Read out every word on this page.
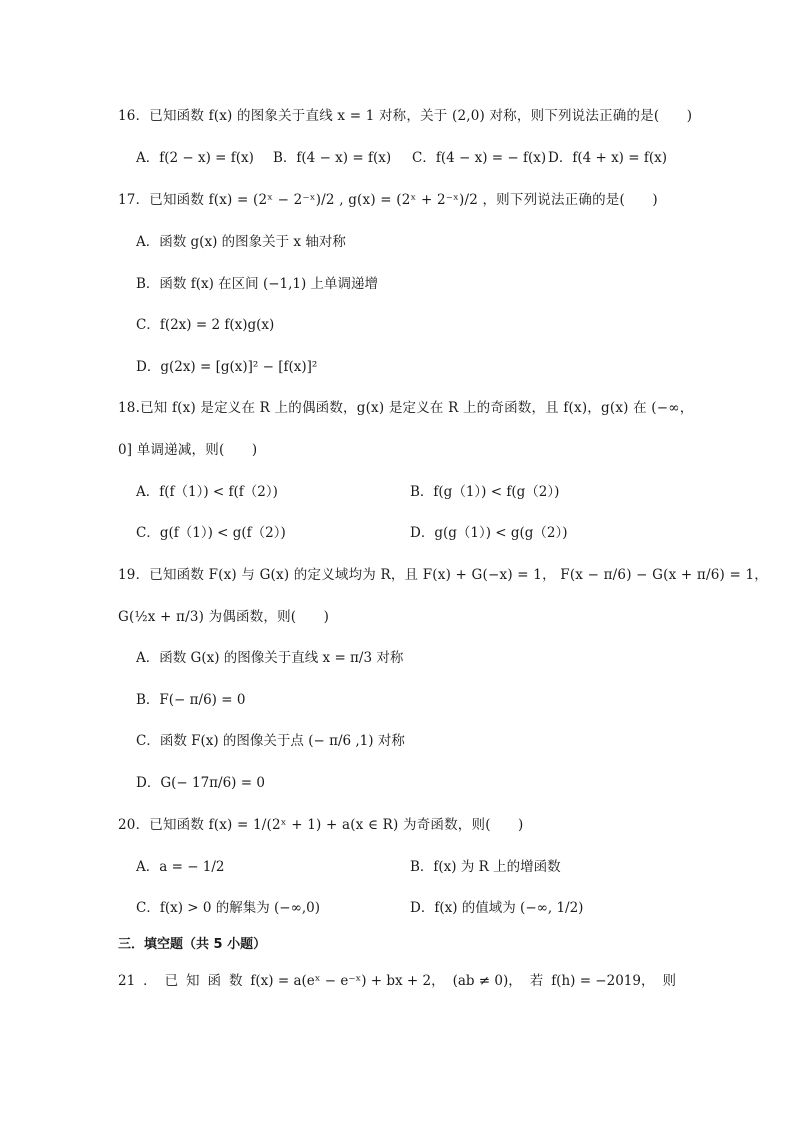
16．已知函数 f(x) 的图象关于直线 x = 1 对称，关于 (2,0) 对称，则下列说法正确的是(　　)
A．f(2 − x) = f(x) B．f(4 − x) = f(x) C．f(4 − x) = − f(x) D．f(4 + x) = f(x)
17．已知函数 f(x) = (2ˣ − 2⁻ˣ)/2 , g(x) = (2ˣ + 2⁻ˣ)/2 ，则下列说法正确的是(　　)
A．函数 g(x) 的图象关于 x 轴对称
B．函数 f(x) 在区间 (−1,1) 上单调递增
C．f(2x) = 2 f(x)g(x)
D．g(2x) = [g(x)]² − [f(x)]²
18.已知 f(x) 是定义在 R 上的偶函数，g(x) 是定义在 R 上的奇函数，且 f(x)，g(x) 在 (−∞，
0] 单调递减，则(　　)
A．f(f（1）) < f(f（2）)	B．f(g（1）) < f(g（2）)
C．g(f（1）) < g(f（2）)	D．g(g（1）) < g(g（2）)
19．已知函数 F(x) 与 G(x) 的定义域均为 R，且 F(x) + G(−x) = 1， F(x − π/6) − G(x + π/6) = 1，
G(½x + π/3) 为偶函数，则(　　)
A．函数 G(x) 的图像关于直线 x = π/3 对称
B．F(− π/6) = 0
C．函数 F(x) 的图像关于点 (− π/6 ,1) 对称
D．G(− 17π/6) = 0
20．已知函数 f(x) = 1/(2ˣ + 1) + a(x ∈ R) 为奇函数，则(　　)
A．a = − 1/2	B．f(x) 为 R 上的增函数
C．f(x) > 0 的解集为 (−∞,0)	D．f(x) 的值域为 (−∞, 1/2)
三．填空题（共 5 小题）
21 ． 已 知 函 数 f(x) = a(eˣ − e⁻ˣ) + bx + 2， (ab ≠ 0)， 若 f(h) = −2019， 则
